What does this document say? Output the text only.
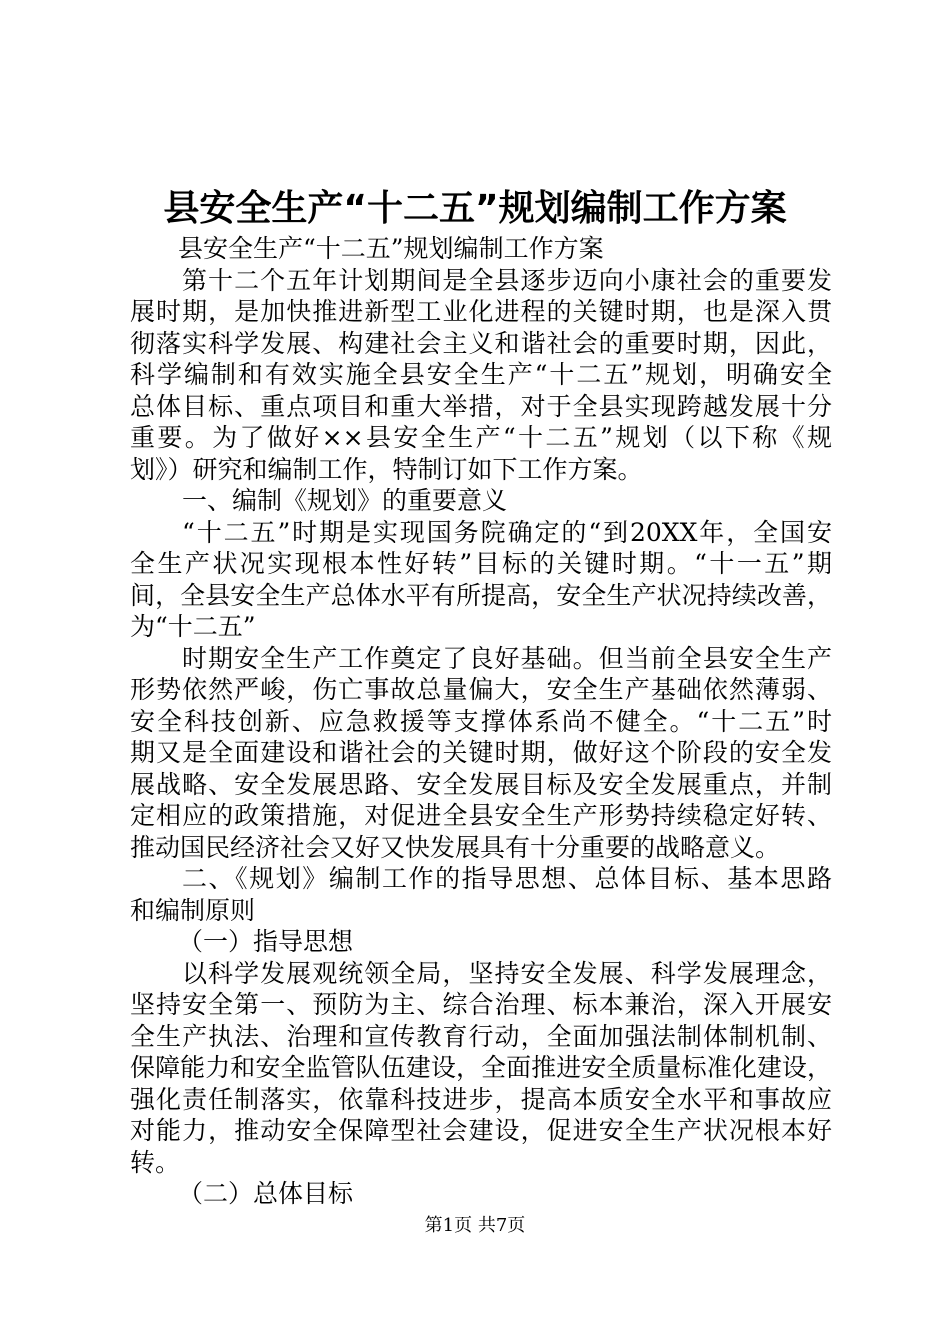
县安全生产“十二五”规划编制工作方案
县安全生产“十二五”规划编制工作方案
第十二个五年计划期间是全县逐步迈向小康社会的重要发
展时期，是加快推进新型工业化进程的关键时期，也是深入贯
彻落实科学发展、构建社会主义和谐社会的重要时期，因此，
科学编制和有效实施全县安全生产“十二五”规划，明确安全
总体目标、重点项目和重大举措，对于全县实现跨越发展十分
重要。为了做好××县安全生产“十二五”规划（以下称《规
划》）研究和编制工作，特制订如下工作方案。
一、编制《规划》的重要意义
“十二五”时期是实现国务院确定的“到20XX年，全国安
全生产状况实现根本性好转”目标的关键时期。“十一五”期
间，全县安全生产总体水平有所提高，安全生产状况持续改善，
为“十二五”
时期安全生产工作奠定了良好基础。但当前全县安全生产
形势依然严峻，伤亡事故总量偏大，安全生产基础依然薄弱、
安全科技创新、应急救援等支撑体系尚不健全。“十二五”时
期又是全面建设和谐社会的关键时期，做好这个阶段的安全发
展战略、安全发展思路、安全发展目标及安全发展重点，并制
定相应的政策措施，对促进全县安全生产形势持续稳定好转、
推动国民经济社会又好又快发展具有十分重要的战略意义。
二、《规划》编制工作的指导思想、总体目标、基本思路
和编制原则
（一）指导思想
以科学发展观统领全局，坚持安全发展、科学发展理念，
坚持安全第一、预防为主、综合治理、标本兼治，深入开展安
全生产执法、治理和宣传教育行动，全面加强法制体制机制、
保障能力和安全监管队伍建设，全面推进安全质量标准化建设，
强化责任制落实，依靠科技进步，提高本质安全水平和事故应
对能力，推动安全保障型社会建设，促进安全生产状况根本好
转。
（二）总体目标
第1页 共7页
